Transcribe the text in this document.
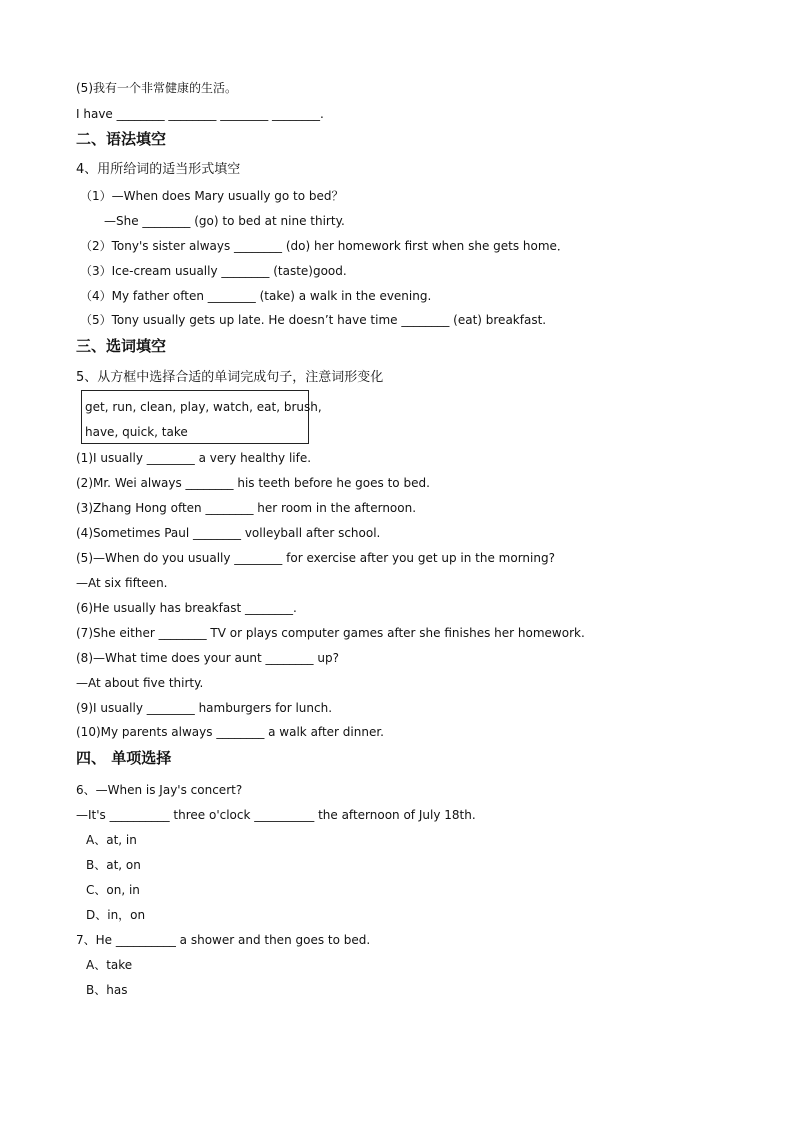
(5)我有一个非常健康的生活。
I have ________ ________ ________ ________.
二、语法填空
4、用所给词的适当形式填空
（1）—When does Mary usually go to bed？
—She ________ (go) to bed at nine thirty.
（2）Tony's sister always ________ (do) her homework first when she gets home．
（3）Ice-cream usually ________ (taste)good.
（4）My father often ________ (take) a walk in the evening.
（5）Tony usually gets up late. He doesn’t have time ________ (eat) breakfast.
三、选词填空
5、从方框中选择合适的单词完成句子，注意词形变化
get, run, clean, play, watch, eat, brush,
have, quick, take
(1)I usually ________ a very healthy life.
(2)Mr. Wei always ________ his teeth before he goes to bed.
(3)Zhang Hong often ________ her room in the afternoon.
(4)Sometimes Paul ________ volleyball after school.
(5)—When do you usually ________ for exercise after you get up in the morning?
—At six fifteen.
(6)He usually has breakfast ________.
(7)She either ________ TV or plays computer games after she finishes her homework.
(8)—What time does your aunt ________ up?
—At about five thirty.
(9)I usually ________ hamburgers for lunch.
(10)My parents always ________ a walk after dinner.
四、 单项选择
6、—When is Jay's concert?
—It's __________ three o'clock __________ the afternoon of July 18th.
A、at, in
B、at, on
C、on, in
D、in，on
7、He __________ a shower and then goes to bed.
A、take
B、has
